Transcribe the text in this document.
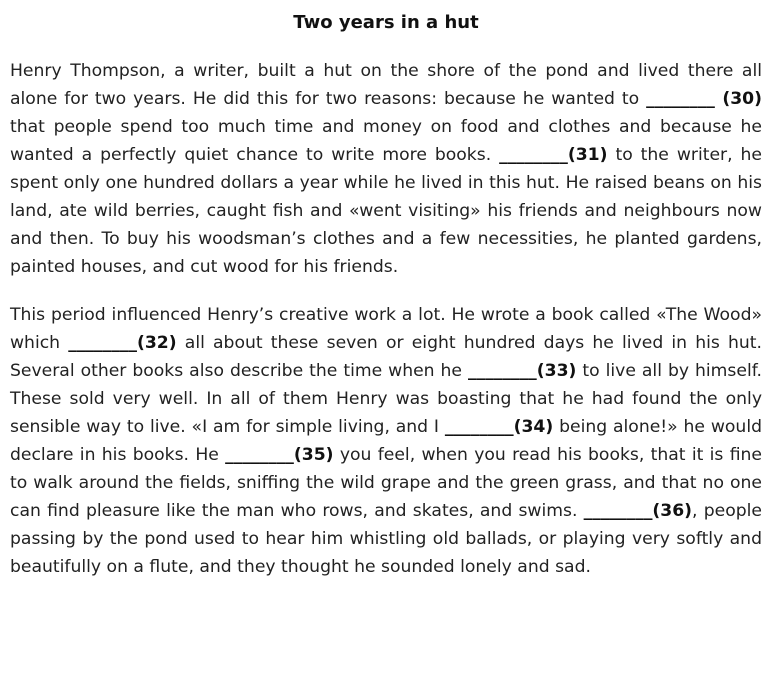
Two years in a hut

Henry Thompson, a writer, built a hut on the shore of the pond and lived there all alone for two years. He did this for two reasons: because he wanted to ________ (30) that people spend too much time and money on food and clothes and because he wanted a perfectly quiet chance to write more books. ________(31) to the writer, he spent only one hundred dollars a year while he lived in this hut. He raised beans on his land, ate wild berries, caught fish and «went visiting» his friends and neighbours now and then. To buy his woodsman’s clothes and a few necessities, he planted gardens, painted houses, and cut wood for his friends.

This period influenced Henry’s creative work a lot. He wrote a book called «The Wood» which ________(32) all about these seven or eight hundred days he lived in his hut. Several other books also describe the time when he ________(33) to live all by himself. These sold very well. In all of them Henry was boasting that he had found the only sensible way to live. «I am for simple living, and I ________(34) being alone!» he would declare in his books. He ________(35) you feel, when you read his books, that it is fine to walk around the fields, sniffing the wild grape and the green grass, and that no one can find pleasure like the man who rows, and skates, and swims. ________(36), people passing by the pond used to hear him whistling old ballads, or playing very softly and beautifully on a flute, and they thought he sounded lonely and sad.
